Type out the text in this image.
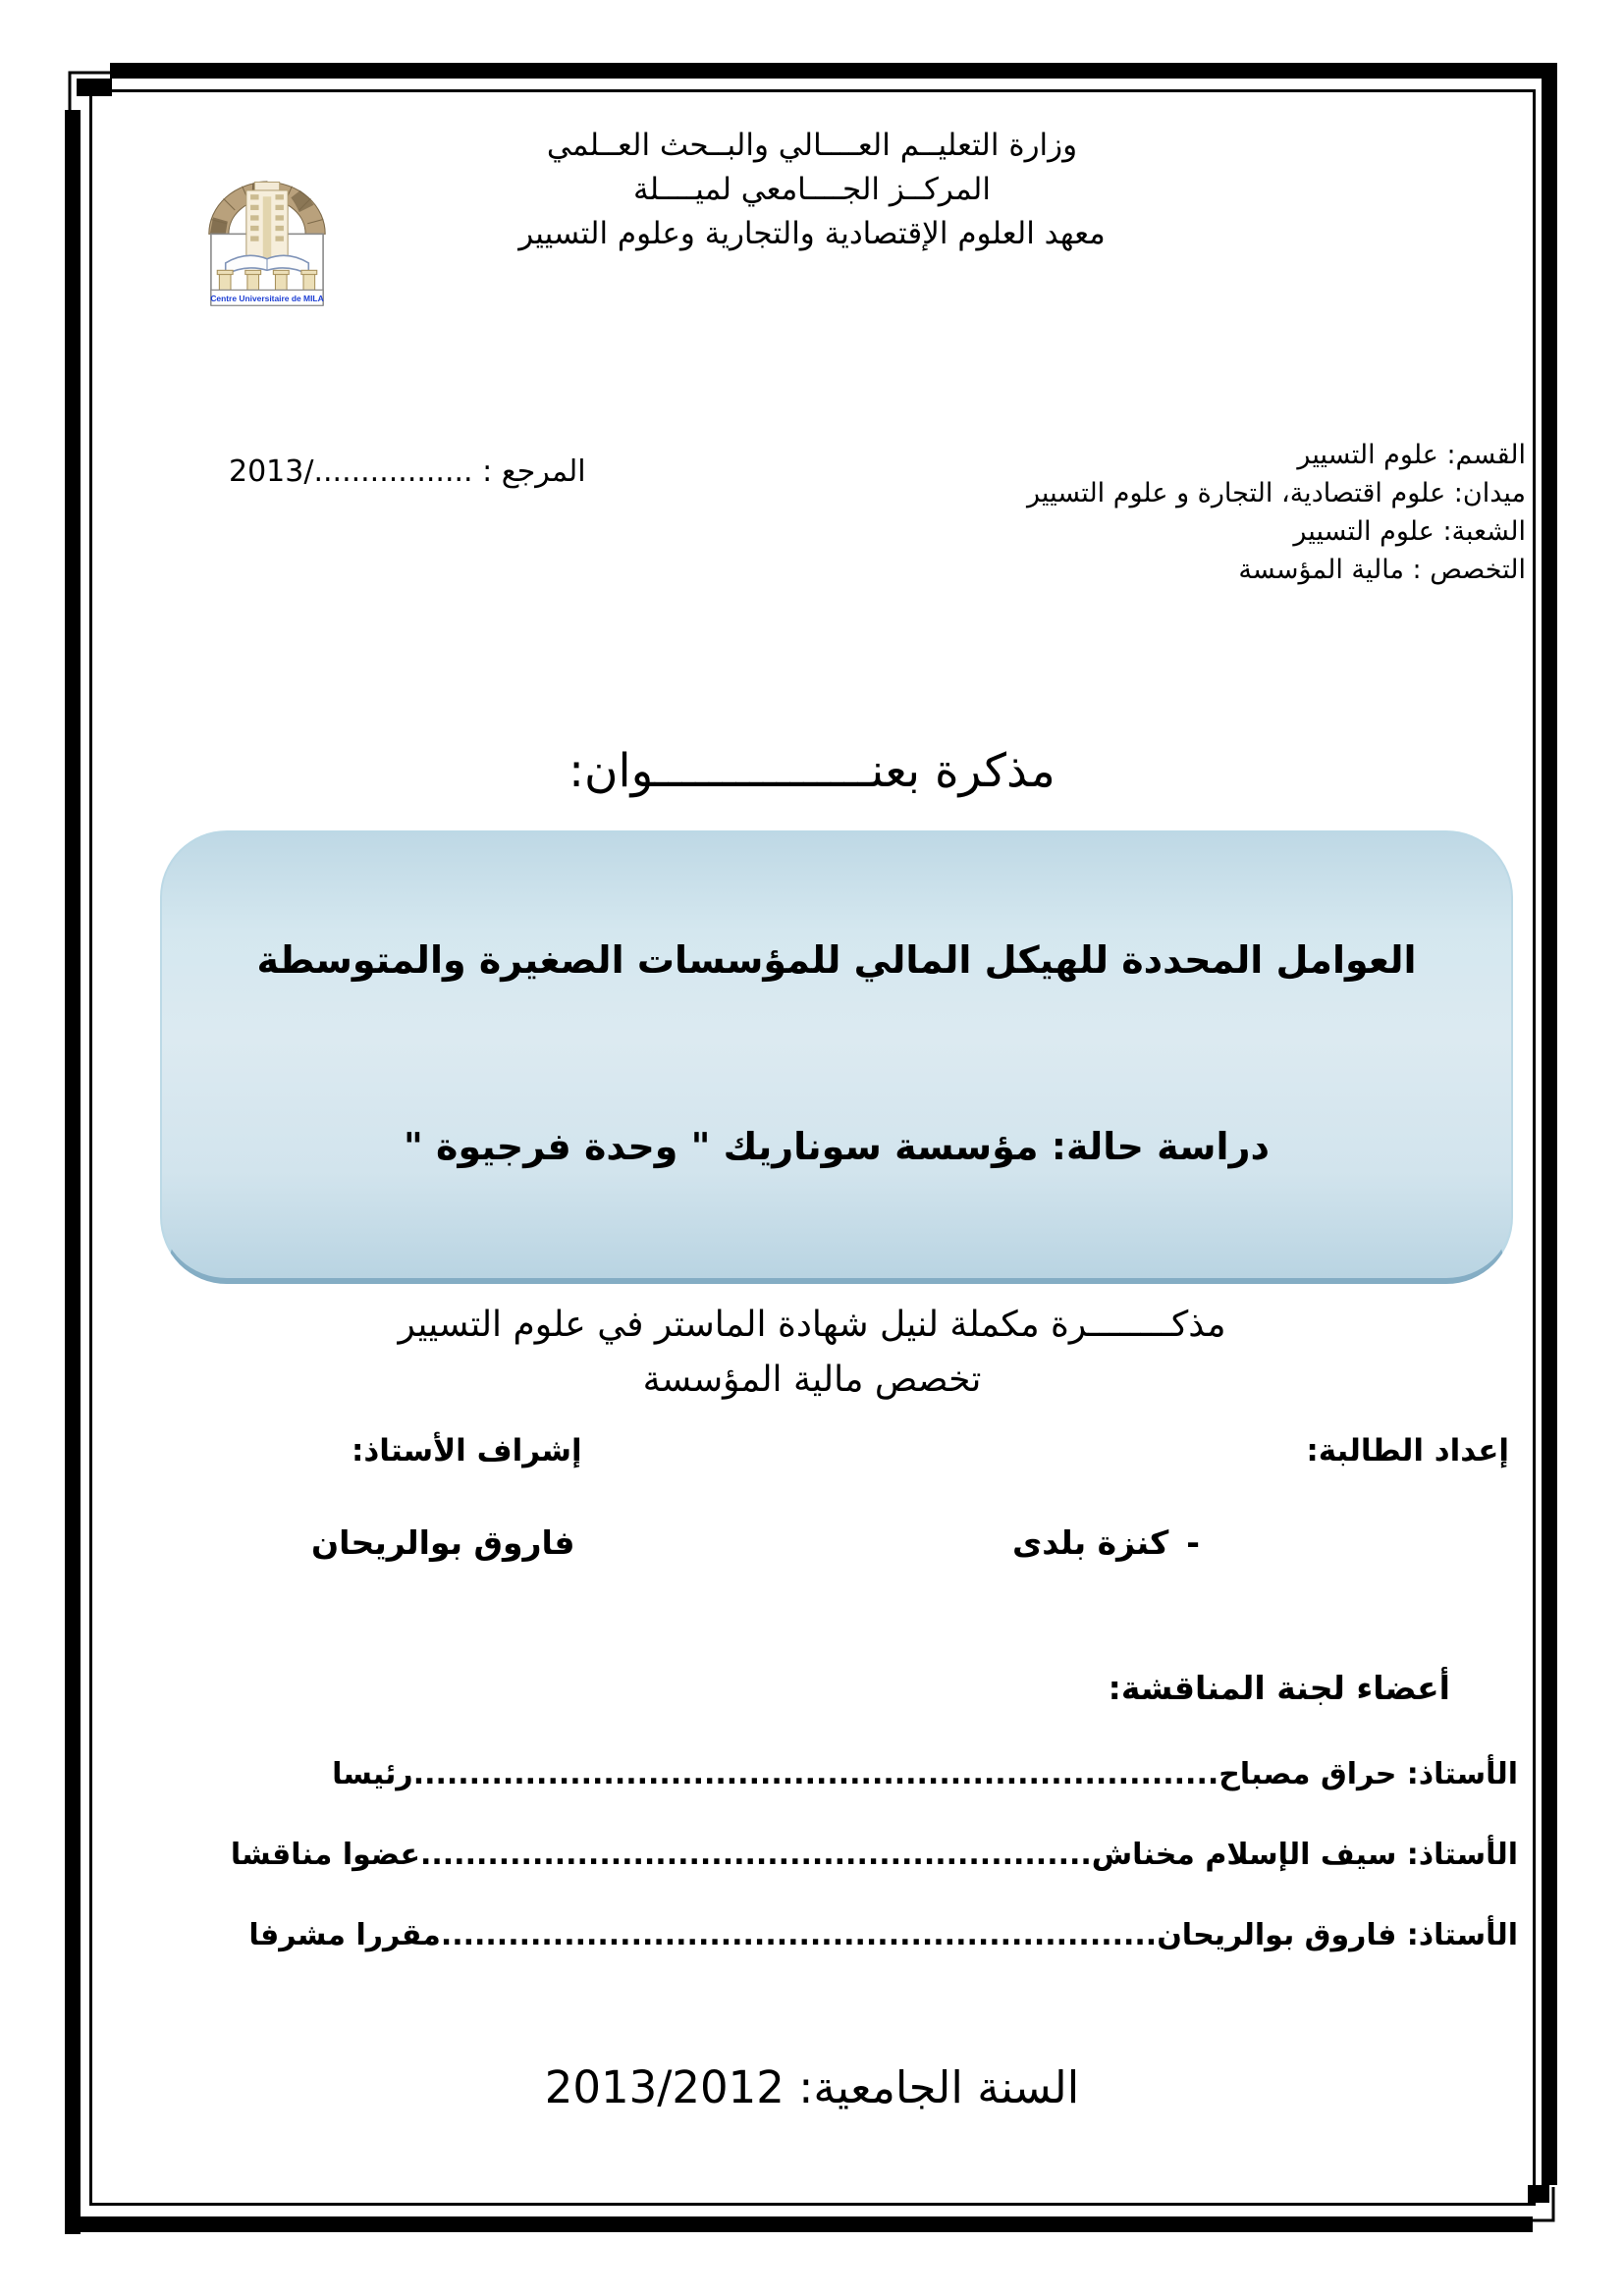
Centre Universitaire de MILA
وزارة التعليــم العــــالي والبــحث العــلمي
المركــز الجــــامعي لميــــلة
معهد العلوم الإقتصادية والتجارية وعلوم التسيير
القسم: علوم التسيير
ميدان: علوم اقتصادية، التجارة و علوم التسيير
الشعبة: علوم التسيير
التخصص : مالية المؤسسة
المرجع : ................./2013
مذكرة بعنــــــــــــــــوان:
العوامل المحددة للهيكل المالي للمؤسسات الصغيرة والمتوسطة
دراسة حالة: مؤسسة سوناريك " وحدة فرجيوة "
مذكــــــــرة مكملة لنيل شهادة الماستر في علوم التسيير
تخصص مالية المؤسسة
إعداد الطالبة:
إشراف الأستاذ:
-كنزة بلدى
فاروق بوالريحان
أعضاء لجنة المناقشة:
الأستاذ: حراق مصباح........................................................................رئيسا
الأستاذ: سيف الإسلام مخناش............................................................عضوا مناقشا
الأستاذ: فاروق بوالريحان................................................................مقررا مشرفا
السنة الجامعية: 2013/2012
